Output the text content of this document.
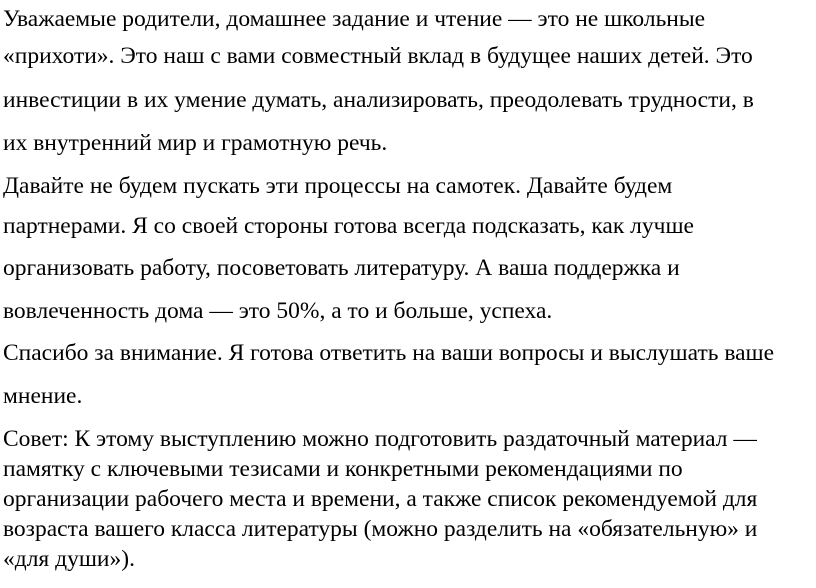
Уважаемые родители, домашнее задание и чтение — это не школьные
«прихоти». Это наш с вами совместный вклад в будущее наших детей. Это
инвестиции в их умение думать, анализировать, преодолевать трудности, в
их внутренний мир и грамотную речь.
Давайте не будем пускать эти процессы на самотек. Давайте будем
партнерами. Я со своей стороны готова всегда подсказать, как лучше
организовать работу, посоветовать литературу. А ваша поддержка и
вовлеченность дома — это 50%, а то и больше, успеха.
Спасибо за внимание. Я готова ответить на ваши вопросы и выслушать ваше
мнение.
Совет: К этому выступлению можно подготовить раздаточный материал —
памятку с ключевыми тезисами и конкретными рекомендациями по
организации рабочего места и времени, а также список рекомендуемой для
возраста вашего класса литературы (можно разделить на «обязательную» и
«для души»).
